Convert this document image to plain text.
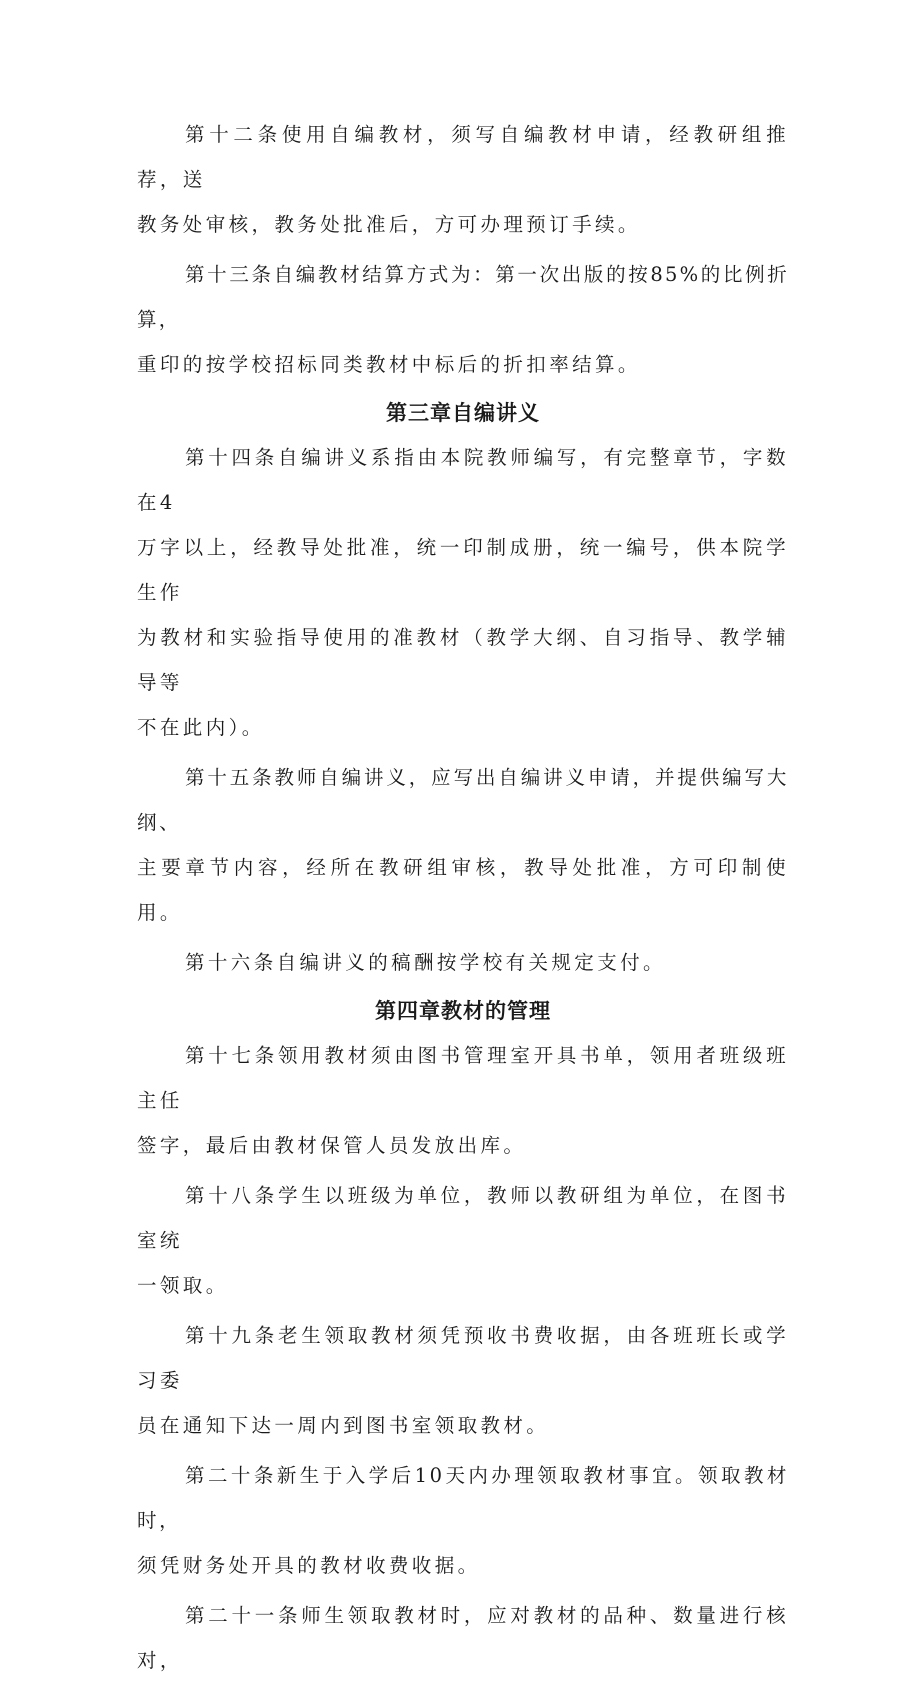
第十二条使用自编教材，须写自编教材申请，经教研组推荐，送
教务处审核，教务处批准后，方可办理预订手续。

第十三条自编教材结算方式为：第一次出版的按85%的比例折算，
重印的按学校招标同类教材中标后的折扣率结算。

第三章自编讲义

第十四条自编讲义系指由本院教师编写，有完整章节，字数在4
万字以上，经教导处批准，统一印制成册，统一编号，供本院学生作
为教材和实验指导使用的准教材（教学大纲、自习指导、教学辅导等
不在此内）。

第十五条教师自编讲义，应写出自编讲义申请，并提供编写大纲、
主要章节内容，经所在教研组审核，教导处批准，方可印制使用。

第十六条自编讲义的稿酬按学校有关规定支付。

第四章教材的管理

第十七条领用教材须由图书管理室开具书单，领用者班级班主任
签字，最后由教材保管人员发放出库。

第十八条学生以班级为单位，教师以教研组为单位，在图书室统
一领取。

第十九条老生领取教材须凭预收书费收据，由各班班长或学习委
员在通知下达一周内到图书室领取教材。

第二十条新生于入学后10天内办理领取教材事宜。领取教材时，
须凭财务处开具的教材收费收据。

第二十一条师生领取教材时，应对教材的品种、数量进行核对，
